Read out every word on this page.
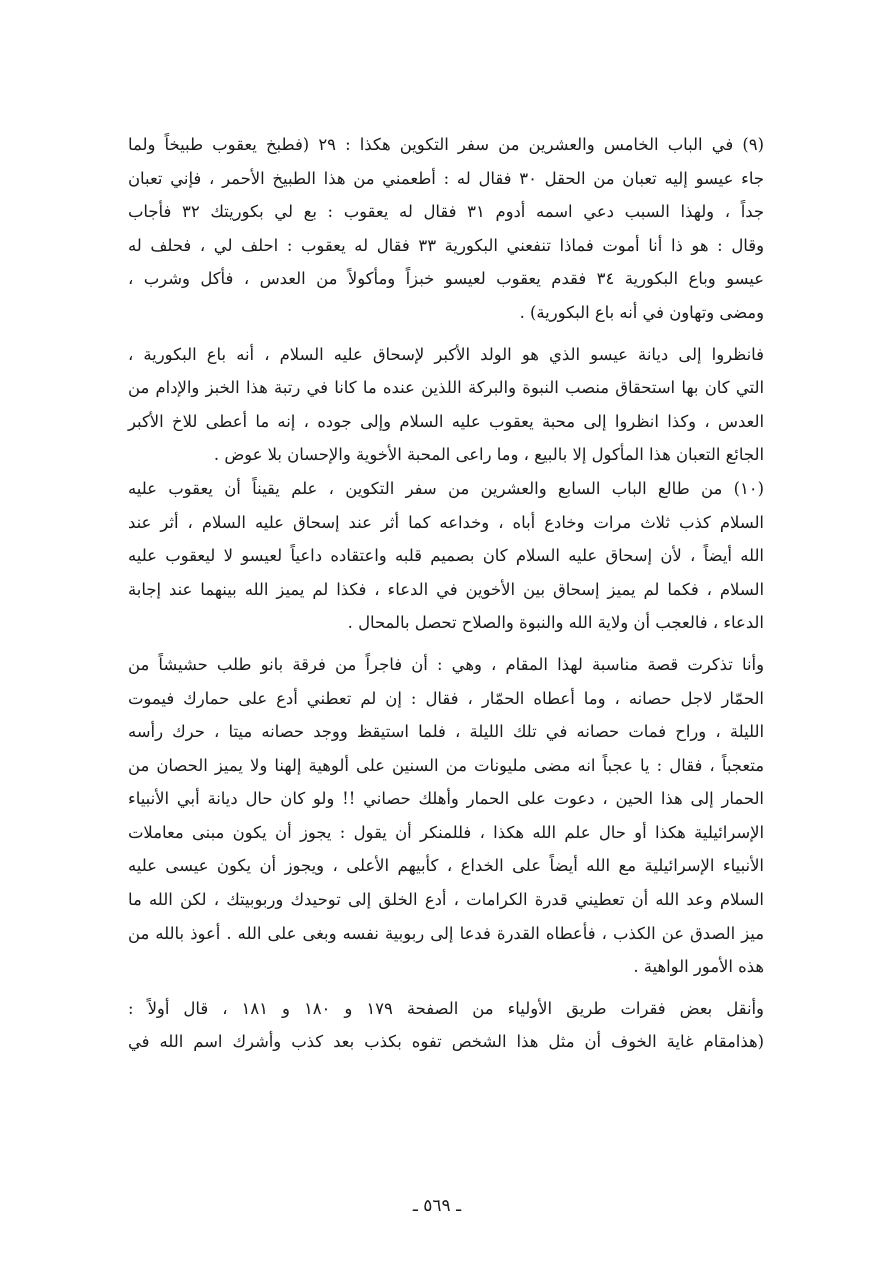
(٩) في الباب الخامس والعشرين من سفر التكوين هكذا : ٢٩ (فطبخ يعقوب طبيخاً ولما
جاء عيسو إليه تعبان من الحقل ٣٠ فقال له : أطعمني من هذا الطبيخ الأحمر ، فإني تعبان
جداً ، ولهذا السبب دعي اسمه أدوم ٣١ فقال له يعقوب : بع لي بكوريتك ٣٢ فأجاب
وقال : هو ذا أنا أموت فماذا تنفعني البكورية ٣٣ فقال له يعقوب : احلف لي ، فحلف له
عيسو وباع البكورية ٣٤ فقدم يعقوب لعيسو خبزاً ومأكولاً من العدس ، فأكل وشرب ،
ومضى وتهاون في أنه باع البكورية) .

فانظروا إلى ديانة عيسو الذي هو الولد الأكبر لإسحاق عليه السلام ، أنه باع البكورية ،
التي كان بها استحقاق منصب النبوة والبركة اللذين عنده ما كانا في رتبة هذا الخبز والإدام من
العدس ، وكذا انظروا إلى محبة يعقوب عليه السلام وإلى جوده ، إنه ما أعطى للاخ الأكبر
الجائع التعبان هذا المأكول إلا بالبيع ، وما راعى المحبة الأخوية والإحسان بلا عوض .

(١٠) من طالع الباب السابع والعشرين من سفر التكوين ، علم يقيناً أن يعقوب عليه
السلام كذب ثلاث مرات وخادع أباه ، وخداعه كما أثر عند إسحاق عليه السلام ، أثر عند
الله أيضاً ، لأن إسحاق عليه السلام كان بصميم قلبه واعتقاده داعياً لعيسو لا ليعقوب عليه
السلام ، فكما لم يميز إسحاق بين الأخوين في الدعاء ، فكذا لم يميز الله بينهما عند إجابة
الدعاء ، فالعجب أن ولاية الله والنبوة والصلاح تحصل بالمحال .

وأنا تذكرت قصة مناسبة لهذا المقام ، وهي : أن فاجراً من فرقة بانو طلب حشيشاً من
الحمّار لاجل حصانه ، وما أعطاه الحمّار ، فقال : إن لم تعطني أدع على حمارك فيموت
الليلة ، وراح فمات حصانه في تلك الليلة ، فلما استيقظ ووجد حصانه ميتا ، حرك رأسه
متعجباً ، فقال : يا عجباً انه مضى مليونات من السنين على ألوهية إلهنا ولا يميز الحصان من
الحمار إلى هذا الحين ، دعوت على الحمار وأهلك حصاني !! ولو كان حال ديانة أبي الأنبياء
الإسرائيلية هكذا أو حال علم الله هكذا ، فللمنكر أن يقول : يجوز أن يكون مبنى معاملات
الأنبياء الإسرائيلية مع الله أيضاً على الخداع ، كأبيهم الأعلى ، ويجوز أن يكون عيسى عليه
السلام وعد الله أن تعطيني قدرة الكرامات ، أدع الخلق إلى توحيدك وربوبيتك ، لكن الله ما
ميز الصدق عن الكذب ، فأعطاه القدرة فدعا إلى ربوبية نفسه وبغى على الله . أعوذ بالله من
هذه الأمور الواهية .

وأنقل بعض فقرات طريق الأولياء من الصفحة ١٧٩ و ١٨٠ و ١٨١ ، قال أولاً :
(هذامقام غاية الخوف أن مثل هذا الشخص تفوه بكذب بعد كذب وأشرك اسم الله في

ـ ٥٦٩ ـ
